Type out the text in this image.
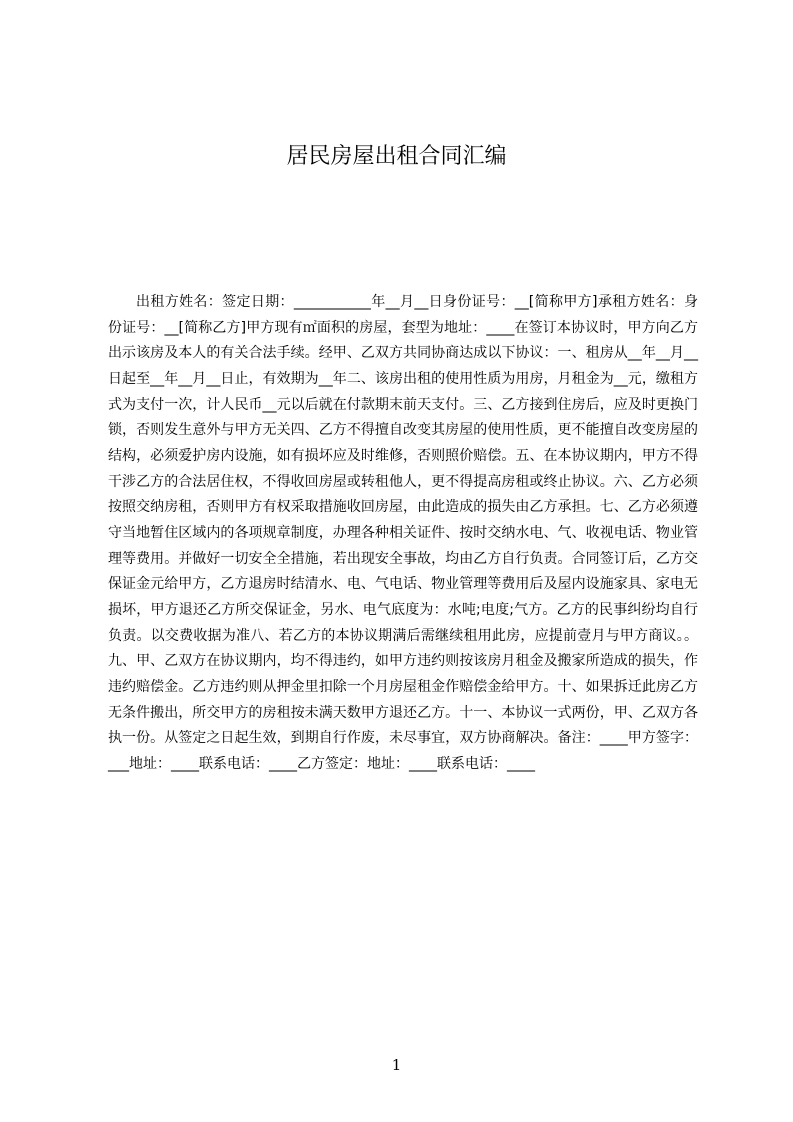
居民房屋出租合同汇编

出租方姓名：签定日期：___________年__月__日身份证号：__[简称甲方]承租方姓名：身份证号：__[简称乙方]甲方现有㎡面积的房屋，套型为地址：____在签订本协议时，甲方向乙方出示该房及本人的有关合法手续。经甲、乙双方共同协商达成以下协议：一、租房从__年__月__日起至__年__月__日止，有效期为__年二、该房出租的使用性质为用房，月租金为__元，缴租方式为支付一次，计人民币__元以后就在付款期末前天支付。三、乙方接到住房后，应及时更换门锁，否则发生意外与甲方无关四、乙方不得擅自改变其房屋的使用性质，更不能擅自改变房屋的结构，必须爱护房内设施，如有损坏应及时维修，否则照价赔偿。五、在本协议期内，甲方不得干涉乙方的合法居住权，不得收回房屋或转租他人，更不得提高房租或终止协议。六、乙方必须按照交纳房租，否则甲方有权采取措施收回房屋，由此造成的损失由乙方承担。七、乙方必须遵守当地暂住区域内的各项规章制度，办理各种相关证件、按时交纳水电、气、收视电话、物业管理等费用。并做好一切安全全措施，若出现安全事故，均由乙方自行负责。合同签订后，乙方交保证金元给甲方，乙方退房时结清水、电、气电话、物业管理等费用后及屋内设施家具、家电无损坏，甲方退还乙方所交保证金，另水、电气底度为：水吨;电度;气方。乙方的民事纠纷均自行负责。以交费收据为准八、若乙方的本协议期满后需继续租用此房，应提前壹月与甲方商议。。九、甲、乙双方在协议期内，均不得违约，如甲方违约则按该房月租金及搬家所造成的损失，作违约赔偿金。乙方违约则从押金里扣除一个月房屋租金作赔偿金给甲方。十、如果拆迁此房乙方无条件搬出，所交甲方的房租按未满天数甲方退还乙方。十一、本协议一式两份，甲、乙双方各执一份。从签定之日起生效，到期自行作废，未尽事宜，双方协商解决。备注：____甲方签字：___地址：____联系电话：____乙方签定：地址：____联系电话：____

1
